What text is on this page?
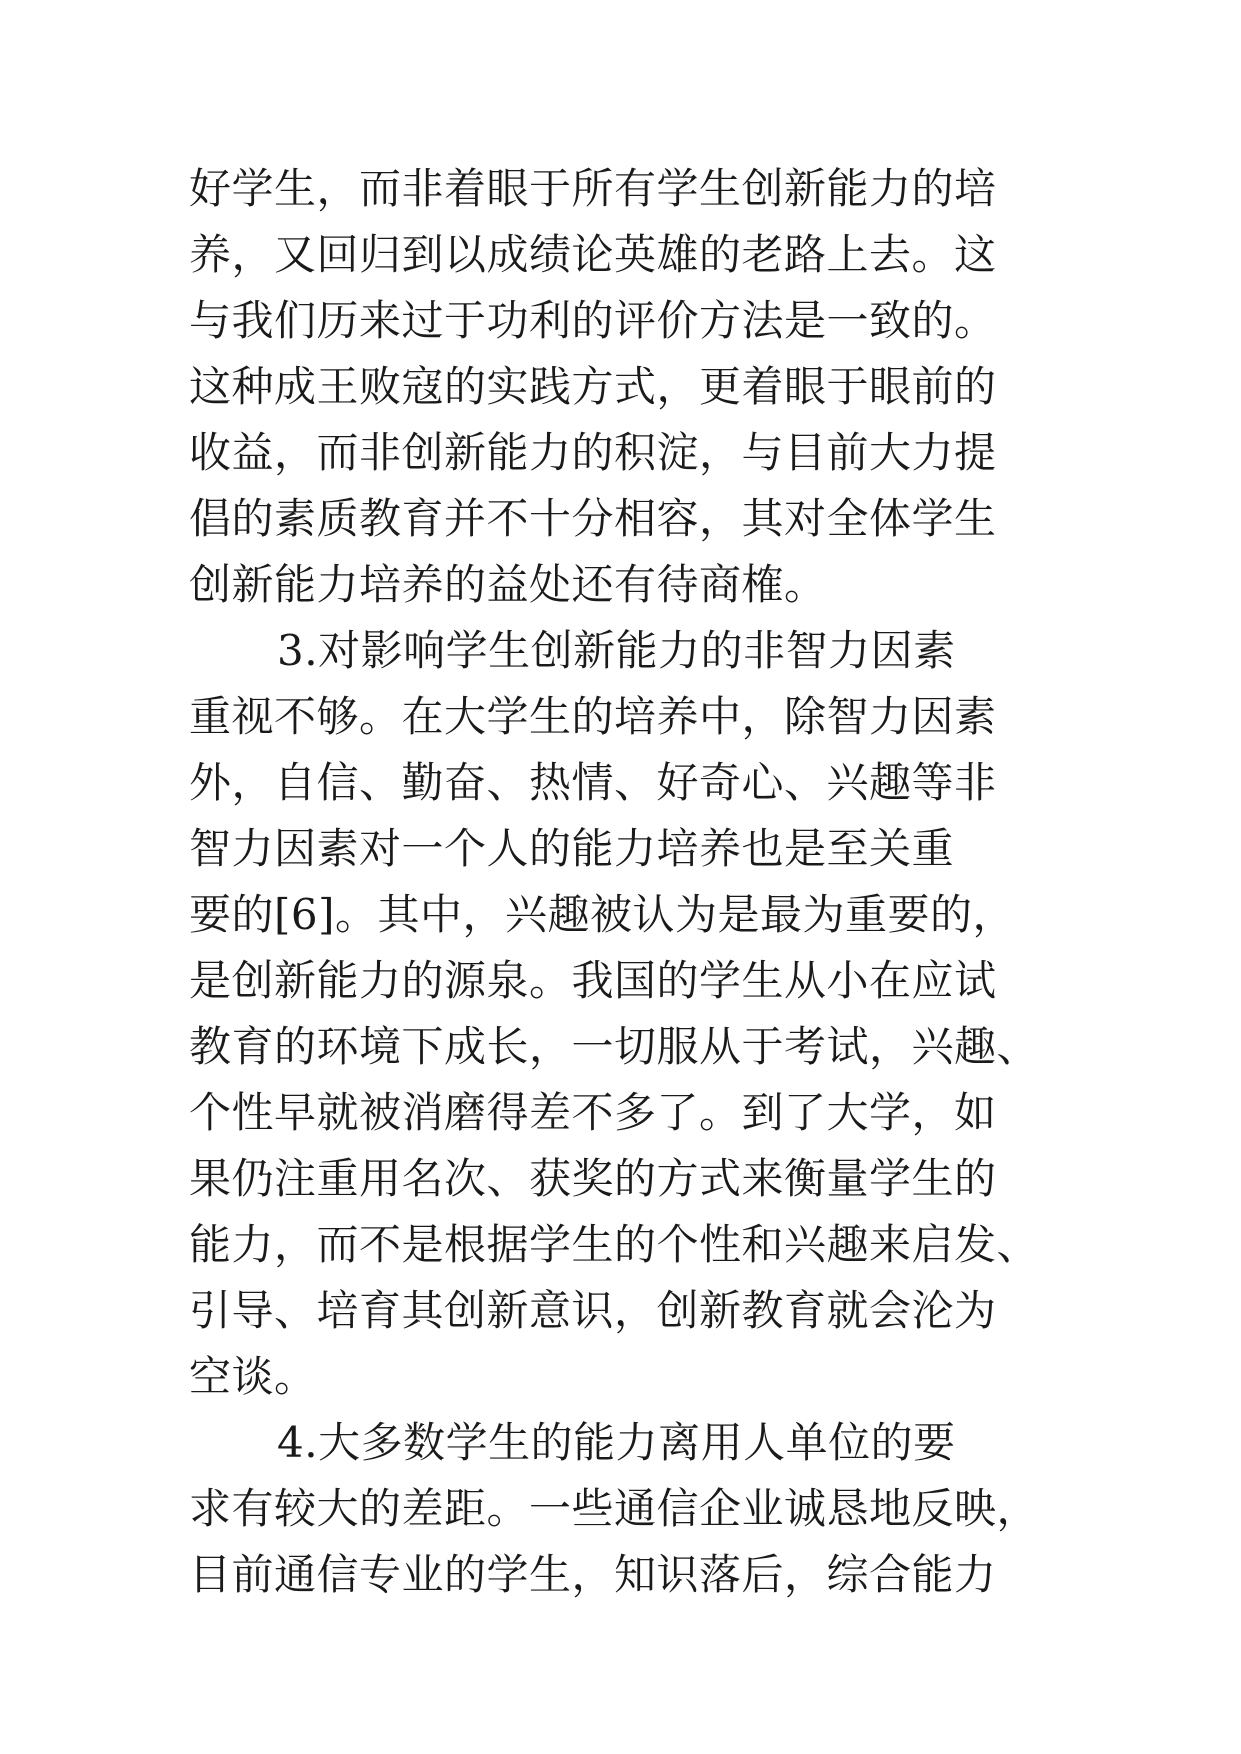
好学生，而非着眼于所有学生创新能力的培
养，又回归到以成绩论英雄的老路上去。这
与我们历来过于功利的评价方法是一致的。
这种成王败寇的实践方式，更着眼于眼前的
收益，而非创新能力的积淀，与目前大力提
倡的素质教育并不十分相容，其对全体学生
创新能力培养的益处还有待商榷。
3.对影响学生创新能力的非智力因素
重视不够。在大学生的培养中，除智力因素
外，自信、勤奋、热情、好奇心、兴趣等非
智力因素对一个人的能力培养也是至关重
要的[6]。其中，兴趣被认为是最为重要的，
是创新能力的源泉。我国的学生从小在应试
教育的环境下成长，一切服从于考试，兴趣、
个性早就被消磨得差不多了。到了大学，如
果仍注重用名次、获奖的方式来衡量学生的
能力，而不是根据学生的个性和兴趣来启发、
引导、培育其创新意识，创新教育就会沦为
空谈。
4.大多数学生的能力离用人单位的要
求有较大的差距。一些通信企业诚恳地反映，
目前通信专业的学生，知识落后，综合能力
